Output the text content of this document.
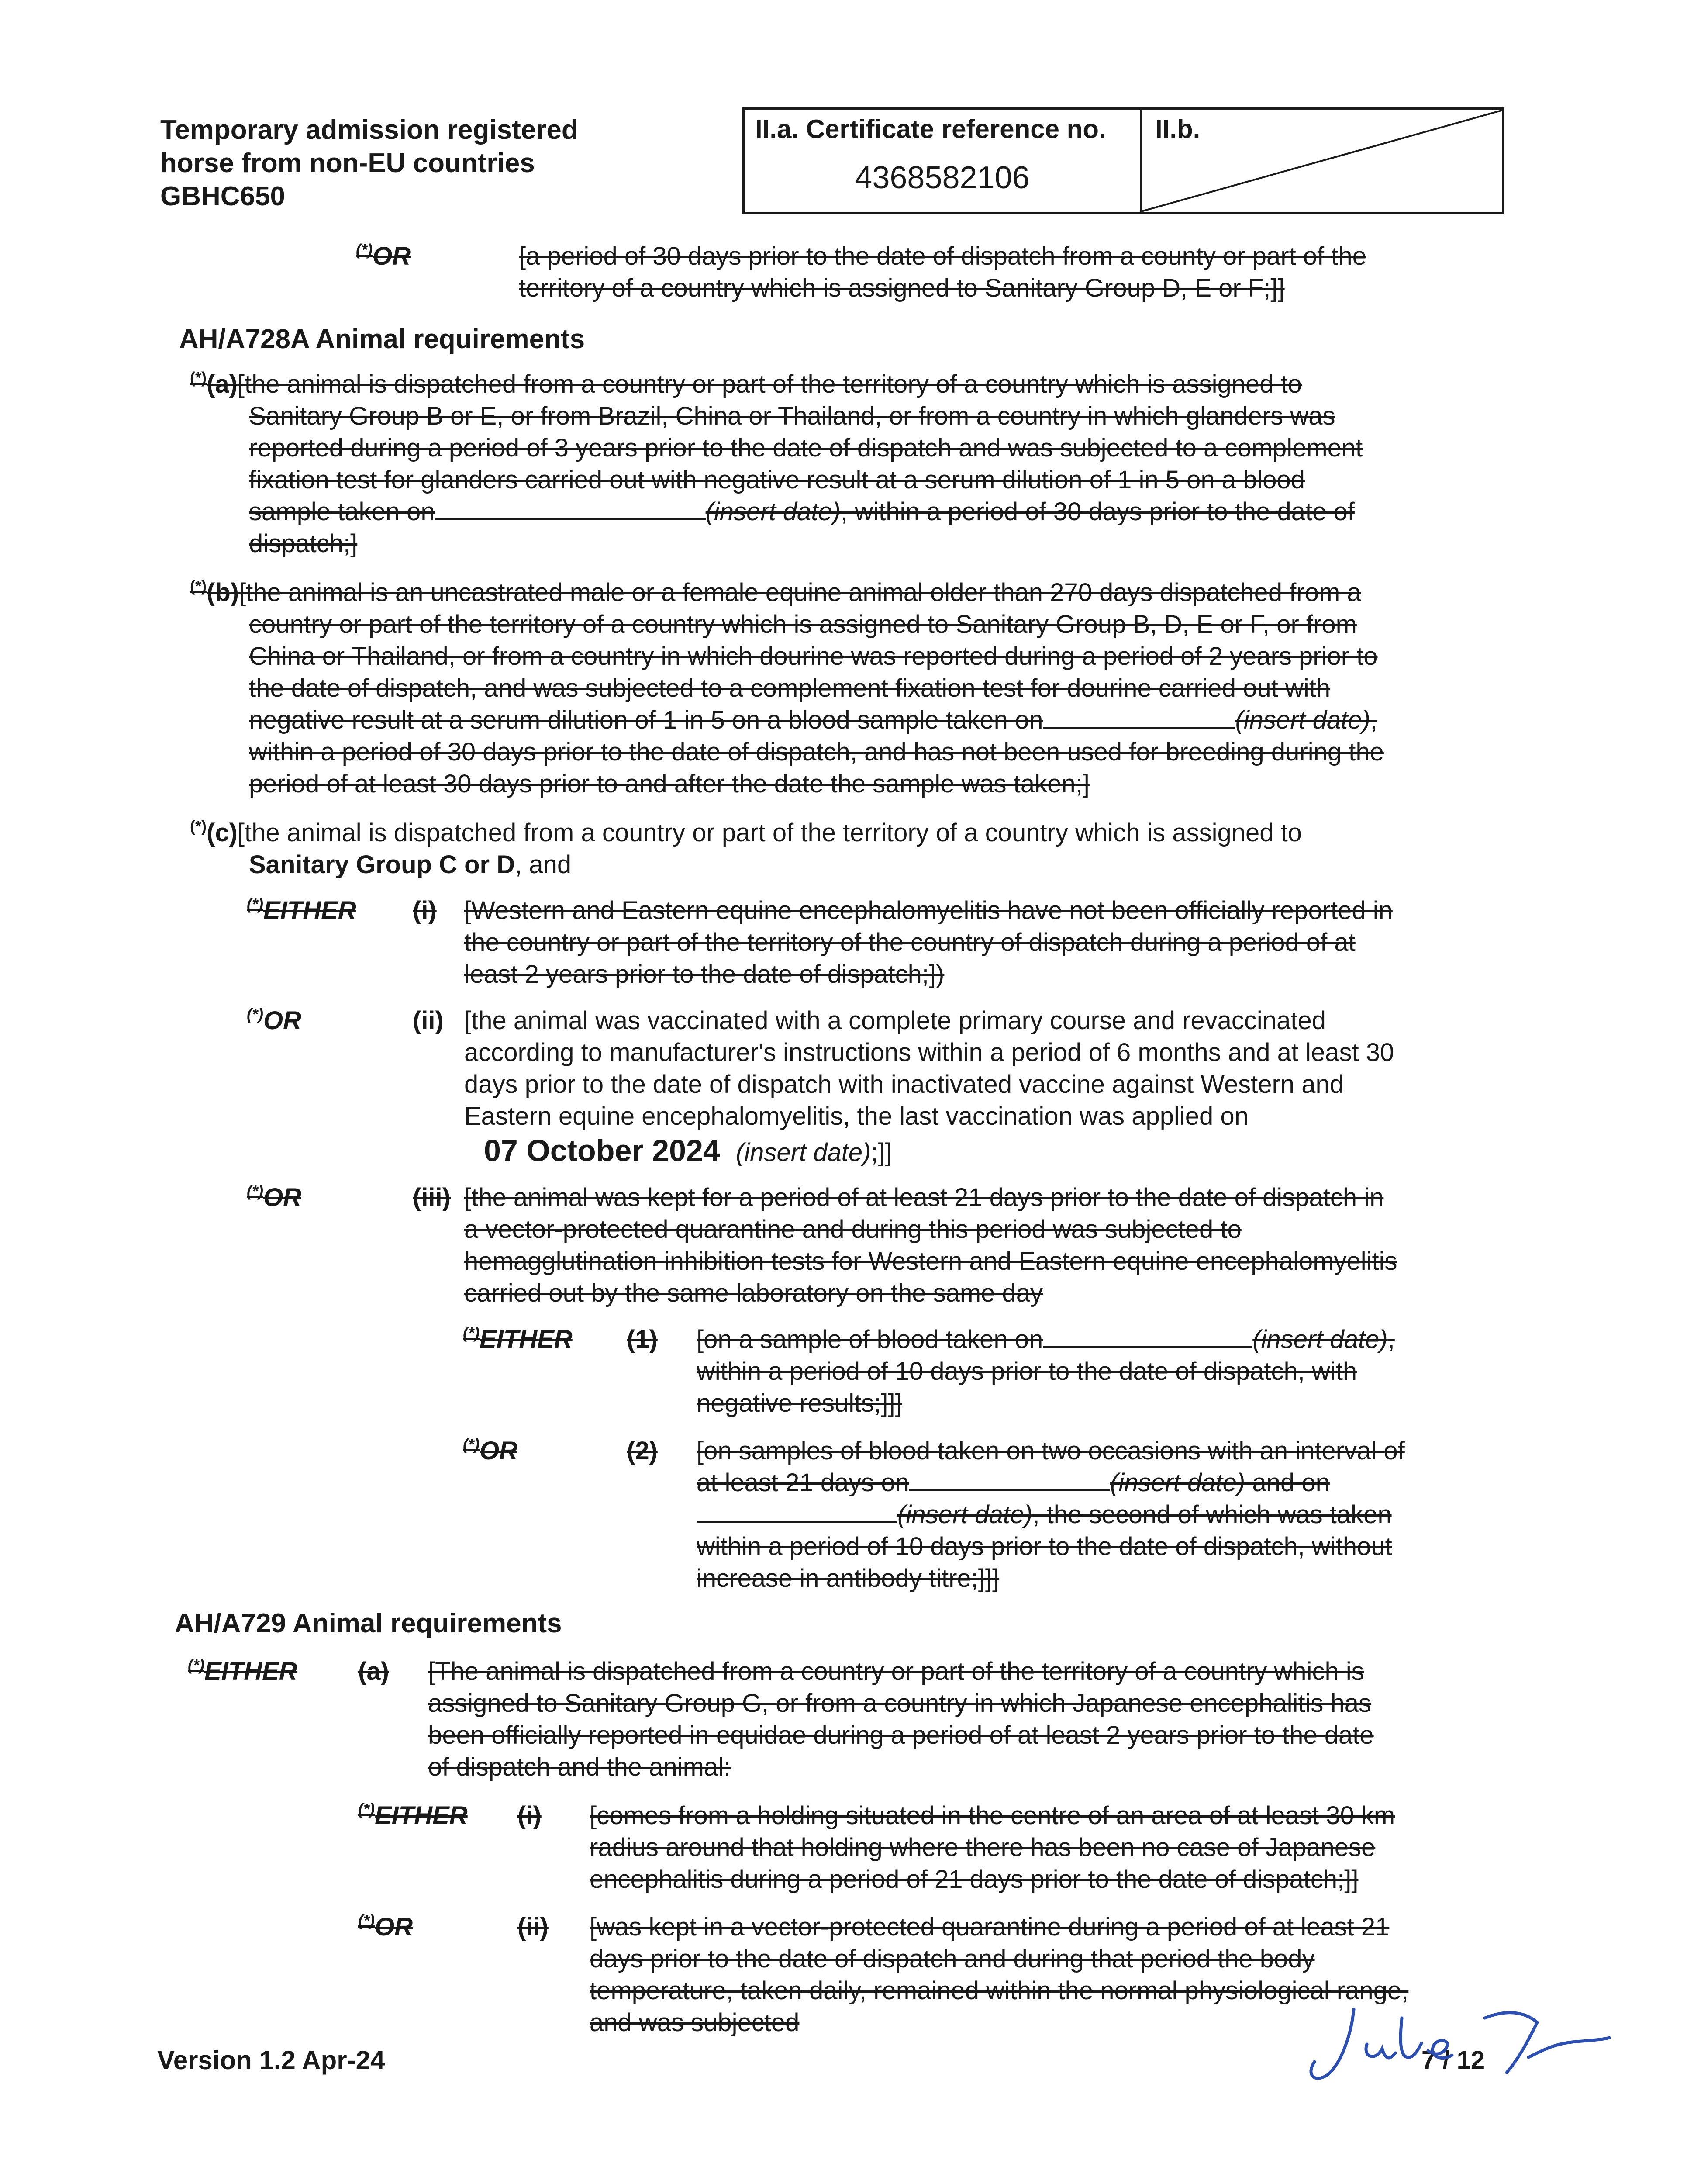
Temporary admission registered
horse from non-EU countries
GBHC650
II.a. Certificate reference no.
4368582106
II.b.
(*)OR	[a period of 30 days prior to the date of dispatch from a county or part of the
territory of a country which is assigned to Sanitary Group D, E or F;]]
AH/A728A Animal requirements
(*)(a)[the animal is dispatched from a country or part of the territory of a country which is assigned to
Sanitary Group B or E, or from Brazil, China or Thailand, or from a country in which glanders was
reported during a period of 3 years prior to the date of dispatch and was subjected to a complement
fixation test for glanders carried out with negative result at a serum dilution of 1 in 5 on a blood
sample taken on	(insert date), within a period of 30 days prior to the date of
dispatch;]
(*)(b)[the animal is an uncastrated male or a female equine animal older than 270 days dispatched from a
country or part of the territory of a country which is assigned to Sanitary Group B, D, E or F, or from
China or Thailand, or from a country in which dourine was reported during a period of 2 years prior to
the date of dispatch, and was subjected to a complement fixation test for dourine carried out with
negative result at a serum dilution of 1 in 5 on a blood sample taken on	(insert date),
within a period of 30 days prior to the date of dispatch, and has not been used for breeding during the
period of at least 30 days prior to and after the date the sample was taken;]
(*)(c)[the animal is dispatched from a country or part of the territory of a country which is assigned to
Sanitary Group C or D, and
(*)EITHER (i) [Western and Eastern equine encephalomyelitis have not been officially reported in
the country or part of the territory of the country of dispatch during a period of at
least 2 years prior to the date of dispatch;])
(*)OR	(ii) [the animal was vaccinated with a complete primary course and revaccinated
according to manufacturer's instructions within a period of 6 months and at least 30
days prior to the date of dispatch with inactivated vaccine against Western and
Eastern equine encephalomyelitis, the last vaccination was applied on
07 October 2024 (insert date);]]
(*)OR	(iii) [the animal was kept for a period of at least 21 days prior to the date of dispatch in
a vector-protected quarantine and during this period was subjected to
hemagglutination inhibition tests for Western and Eastern equine encephalomyelitis
carried out by the same laboratory on the same day
(*)EITHER (1) [on a sample of blood taken on	(insert date),
within a period of 10 days prior to the date of dispatch, with
negative results;]]]
(*)OR	(2) [on samples of blood taken on two occasions with an interval of
at least 21 days on	(insert date) and on
(insert date), the second of which was taken
within a period of 10 days prior to the date of dispatch, without
increase in antibody titre;]]]
AH/A729 Animal requirements
(*)EITHER (a) [The animal is dispatched from a country or part of the territory of a country which is
assigned to Sanitary Group G, or from a country in which Japanese encephalitis has
been officially reported in equidae during a period of at least 2 years prior to the date
of dispatch and the animal:
(*)EITHER (i) [comes from a holding situated in the centre of an area of at least 30 km
radius around that holding where there has been no case of Japanese
encephalitis during a period of 21 days prior to the date of dispatch;]]
(*)OR	(ii) [was kept in a vector-protected quarantine during a period of at least 21
days prior to the date of dispatch and during that period the body
temperature, taken daily, remained within the normal physiological range,
and was subjected
Version 1.2 Apr-24	7 / 12
